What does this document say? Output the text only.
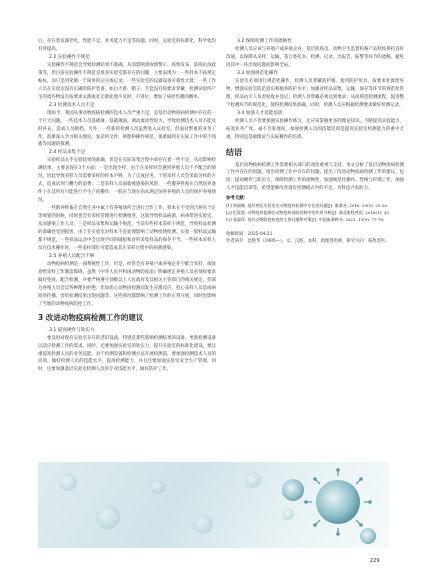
后，存在着仪器老化、性能不足、业务能力不足等问题。同时，实验室的标准化、科学化均有待提高。

2.2 实验操作不规范

实验操作不规范会导致检测结果不准确，从而影响到疫情警示、疫情发布、防疫抗疫政策等，但目前实验操作不规范是很多实验室都存在的问题，主要表现为：一些样本不按规定帖标，而只是用笔做一个简单的记号或记录；一些实验室的仪器设备可靠性太低；一些工作人员在实验室没有正确的防护装备，如白大褂、帽子、手套没有按要求穿戴；检测试验所产生的废弃物没有按要求灭菌或者无菌处理不及时、不到位，增加了病原传播的概率。

2.3 检测技术人员不足

现如今，我国从事动物疫病检测的技术人员严重不足，是基层动物疫病检测中存在的一个巨大问题。一些技术人员基础薄，基础薄弱，调动流动性很大，导致检测技术人员不能及时补充，造成人员断档。另外，一些新的检测人员虽然进入实验室，但面对繁重的业务工作，很难深入学习相关理论，复杂的文件、规程和操作规范，很难做到在实际工作中的不熟悉等问题的探测。

2.4 样品采集不足

实验样品关乎实验结果的准确，但是在实际采集过程中却存在着一些不足，从而影响检测结果，主要表现在3个方面：一是出现少样，由于在采样时会遇到养殖人员不予配合的情况，因此导致采样人员需要采样的样本不够，为了完成任务，个别采样人员会采取分样的方式，造成试剂与糟力的浪费；二是采样人员面临被感染的风险，一些散养牲畜在自然饲养条件下在其所有可能进行不生产的操作，一般应与现在尚未满足饲养养殖的人员的保护养殖情况。

一些散养牲畜在自然生养中属于有养殖场所合进行合作工作，样本在不受到合规有个定等规划的时候，同时也会有采样管理进行检测推进，这就导致样品病菌、病毒带进实验室，从而感染工作人员；三是样品采集和运输不规范，当前有些样本采样不规范，导致样品检测的准确性受到损害，由于在实验室对样本不良处理影响了动物疫情检测、实验一般样品运输都不规范，一些样品运动中会出现不同的破损和对所采集样品的保存不当。一些样本采样人员在技术操作时，一些采样部位可能造成其在采样过程中的病菌感染。

2.5 养殖人员配合不够

动物疫病检测是一项系统性工作，但是，经常会有养殖户或养殖企业不配合采样，或故意给采样工作制造障碍。虽然《中华人民共和国动物防疫法》明确规定养殖人员必须按要求做好免疫、配合检测，并要严格遵守县级以上人民政府及其相关主管部门的相关规定。但部分养殖人员会以各种理由拒绝；比如担心动物因检测而发生应激反应、担心采样人员造成病原的传播、害怕检测结果出现问题等。这些情况都影响了检测工作的正常开展，同时也影响了当地的动物疫病防控工作。

3 改进动物疫病检测工作的建议

3.1 提高硬件与软实力

要及时对现有实验室存在的老旧设备，特别是那些影响检测结果的设备。更新检测设备以适应检测工作的需求。同时，还要加强实验室的软实力，提升实验室的标准化建设，要注重提高检测人员的业务技能，对于检测设备和检测方法开展检测前，要加强检测技术人员的培训，做好检测人员的技能水平，提高检测能力，并且还要加强实验室安全生产管理，同时，还要加强基层实验室检测人员的专业技能水平，做好防护工作。

3.2 保障检测工作的流畅性

检测人员应该与养殖户或养殖企业、基层防疫员、动物卫生监督和畜产品检疫保持良好沟通，以保障从采样、运输、签订委托书、检测、记录、出报告、报警等环节的流畅，避免因其中一环出现问题而影响全局。

3.3 加强规范化操作

实验室必须进行规范化操作，检测人员穿戴防护服、使用防护用具，按要求处置废弃物，增强实验室防范意识和服务防护水平；加强对样品采集、运输、保存等环节的规范化管理，样品由专人负责验收并登记；检测人员穿戴必须达到要求；从而规范检测流程，促进整个检测环节的规范化，使得检测结果准确，同时，检测人员应根据检测要求做好检测记录。

3.4 加强人才技能培训

检测人员不但要加强实验操作练习，还应该掌握更多的理论知识。不断提高实验能力，拓宽业务广度。毫不夸张地说，加强检测人员的技能培训是提高实验室检测能力的重中之重，特别是基础理论与实际操作的培训。

结语

基层动物疫病检测工作需要相关部门的高度重视与支持。本文分析了基层动物疫病检测工作中存在的问题，指出检测工作中存在的问题，提出了改进动物疫病检测工作的建议，包括：提高硬件与软实力、保障检测工作的流畅性、加强规范化操作、性格与护理工作，加强人才技能培训等，希望能够改善现有检测模式中的不足，为科技兴农助力。

参考文献：

[1] 黄丽娜. 基层兽医实验室在动物疫病检测中存在的问题[J]. 畜禽业, 2018, 29(9): 25-26.

[2] 纪爱莲. 动物疫病监测在动物疫病预防控制中的作用分析[J]. 湖北畜牧兽医, 2018(1): 33.

[3] 张淑萍. 基层动物防疫检疫的主要问题和对策[J]. 中国畜禽种业, 2021, 17(9): 77-78.

收稿时间：2025-04-22

作者简介：沈艳华（1995—），女，汉族，本科，助理兽医师，研究方向：畜牧兽医。

229
